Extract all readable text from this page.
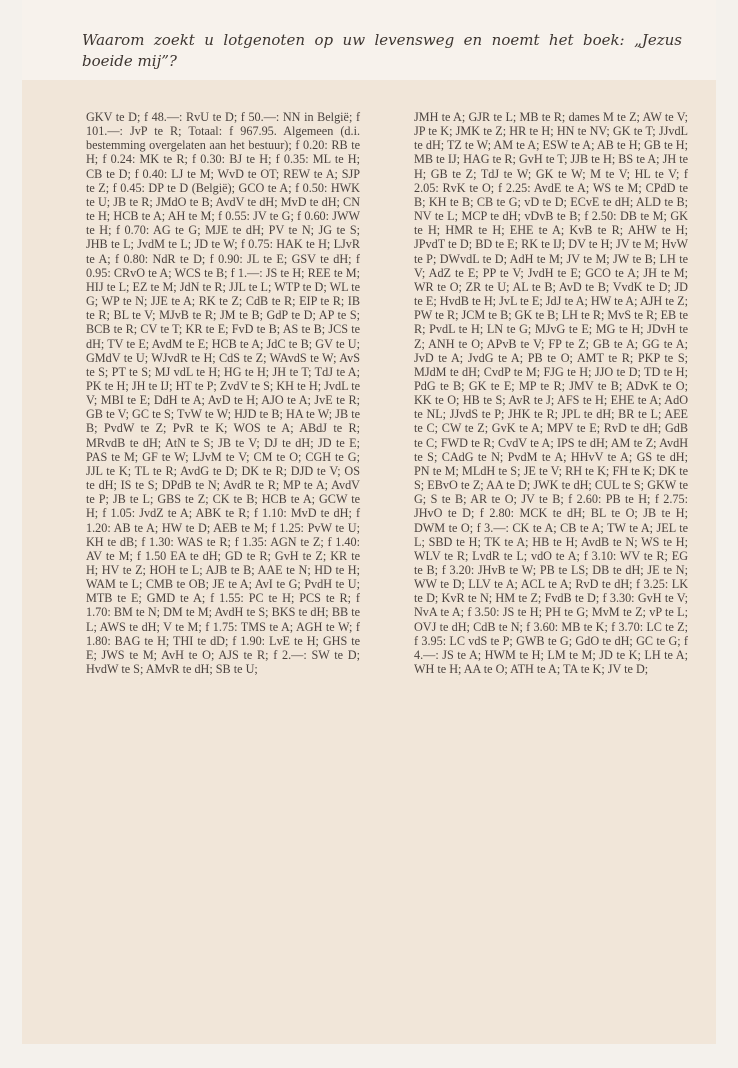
Waarom zoekt u lotgenoten op uw levensweg en noemt het boek: „Jezus boeide mij”?

GKV te D; f 48.—: RvU te D; f 50.—: NN in België; f 101.—: JvP te R; Totaal: f 967.95. Algemeen (d.i. bestemming overgelaten aan het bestuur); f 0.20: RB te H; f 0.24: MK te R; f 0.30: BJ te H; f 0.35: ML te H; CB te D; f 0.40: LJ te M; WvD te OT; REW te A; SJP te Z; f 0.45: DP te D (België); GCO te A; f 0.50: HWK te U; JB te R; JMdO te B; AvdV te dH; MvD te dH; CN te H; HCB te A; AH te M; f 0.55: JV te G; f 0.60: JWW te H; f 0.70: AG te G; MJE te dH; PV te N; JG te S; JHB te L; JvdM te L; JD te W; f 0.75: HAK te H; LJvR te A; f 0.80: NdR te D; f 0.90: JL te E; GSV te dH; f 0.95: CRvO te A; WCS te B; f 1.—: JS te H; REE te M; HIJ te L; EZ te M; JdN te R; JJL te L; WTP te D; WL te G; WP te N; JJE te A; RK te Z; CdB te R; EIP te R; IB te R; BL te V; MJvB te R; JM te B; GdP te D; AP te S; BCB te R; CV te T; KR te E; FvD te B; AS te B; JCS te dH; TV te E; AvdM te E; HCB te A; JdC te B; GV te U; GMdV te U; WJvdR te H; CdS te Z; WAvdS te W; AvS te S; PT te S; MJ vdL te H; HG te H; JH te T; TdJ te A; PK te H; JH te IJ; HT te P; ZvdV te S; KH te H; JvdL te V; MBI te E; DdH te A; AvD te H; AJO te A; JvE te R; GB te V; GC te S; TvW te W; HJD te B; HA te W; JB te B; PvdW te Z; PvR te K; WOS te A; ABdJ te R; MRvdB te dH; AtN te S; JB te V; DJ te dH; JD te E; PAS te M; GF te W; LJvM te V; CM te O; CGH te G; JJL te K; TL te R; AvdG te D; DK te R; DJD te V; OS te dH; IS te S; DPdB te N; AvdR te R; MP te A; AvdV te P; JB te L; GBS te Z; CK te B; HCB te A; GCW te H; f 1.05: JvdZ te A; ABK te R; f 1.10: MvD te dH; f 1.20: AB te A; HW te D; AEB te M; f 1.25: PvW te U; KH te dB; f 1.30: WAS te R; f 1.35: AGN te Z; f 1.40: AV te M; f 1.50 EA te dH; GD te R; GvH te Z; KR te H; HV te Z; HOH te L; AJB te B; AAE te N; HD te H; WAM te L; CMB te OB; JE te A; AvI te G; PvdH te U; MTB te E; GMD te A; f 1.55: PC te H; PCS te R; f 1.70: BM te N; DM te M; AvdH te S; BKS te dH; BB te L; AWS te dH; V te M; f 1.75: TMS te A; AGH te W; f 1.80: BAG te H; THI te dD; f 1.90: LvE te H; GHS te E; JWS te M; AvH te O; AJS te R; f 2.—: SW te D; HvdW te S; AMvR te dH; SB te U;

JMH te A; GJR te L; MB te R; dames M te Z; AW te V; JP te K; JMK te Z; HR te H; HN te NV; GK te T; JJvdL te dH; TZ te W; AM te A; ESW te A; AB te H; GB te H; MB te IJ; HAG te R; GvH te T; JJB te H; BS te A; JH te H; GB te Z; TdJ te W; GK te W; M te V; HL te V; f 2.05: RvK te O; f 2.25: AvdE te A; WS te M; CPdD te B; KH te B; CB te G; vD te D; ECvE te dH; ALD te B; NV te L; MCP te dH; vDvB te B; f 2.50: DB te M; GK te H; HMR te H; EHE te A; KvB te R; AHW te H; JPvdT te D; BD te E; RK te IJ; DV te H; JV te M; HvW te P; DWvdL te D; AdH te M; JV te M; JW te B; LH te V; AdZ te E; PP te V; JvdH te E; GCO te A; JH te M; WR te O; ZR te U; AL te B; AvD te B; VvdK te D; JD te E; HvdB te H; JvL te E; JdJ te A; HW te A; AJH te Z; PW te R; JCM te B; GK te B; LH te R; MvS te R; EB te R; PvdL te H; LN te G; MJvG te E; MG te H; JDvH te Z; ANH te O; APvB te V; FP te Z; GB te A; GG te A; JvD te A; JvdG te A; PB te O; AMT te R; PKP te S; MJdM te dH; CvdP te M; FJG te H; JJO te D; TD te H; PdG te B; GK te E; MP te R; JMV te B; ADvK te O; KK te O; HB te S; AvR te J; AFS te H; EHE te A; AdO te NL; JJvdS te P; JHK te R; JPL te dH; BR te L; AEE te C; CW te Z; GvK te A; MPV te E; RvD te dH; GdB te C; FWD te R; CvdV te A; IPS te dH; AM te Z; AvdH te S; CAdG te N; PvdM te A; HHvV te A; GS te dH; PN te M; MLdH te S; JE te V; RH te K; FH te K; DK te S; EBvO te Z; AA te D; JWK te dH; CUL te S; GKW te G; S te B; AR te O; JV te B; f 2.60: PB te H; f 2.75: JHvO te D; f 2.80: MCK te dH; BL te O; JB te H; DWM te O; f 3.—: CK te A; CB te A; TW te A; JEL te L; SBD te H; TK te A; HB te H; AvdB te N; WS te H; WLV te R; LvdR te L; vdO te A; f 3.10: WV te R; EG te B; f 3.20: JHvB te W; PB te LS; DB te dH; JE te N; WW te D; LLV te A; ACL te A; RvD te dH; f 3.25: LK te D; KvR te N; HM te Z; FvdB te D; f 3.30: GvH te V; NvA te A; f 3.50: JS te H; PH te G; MvM te Z; vP te L; OVJ te dH; CdB te N; f 3.60: MB te K; f 3.70: LC te Z; f 3.95: LC vdS te P; GWB te G; GdO te dH; GC te G; f 4.—: JS te A; HWM te H; LM te M; JD te K; LH te A; WH te H; AA te O; ATH te A; TA te K; JV te D;
